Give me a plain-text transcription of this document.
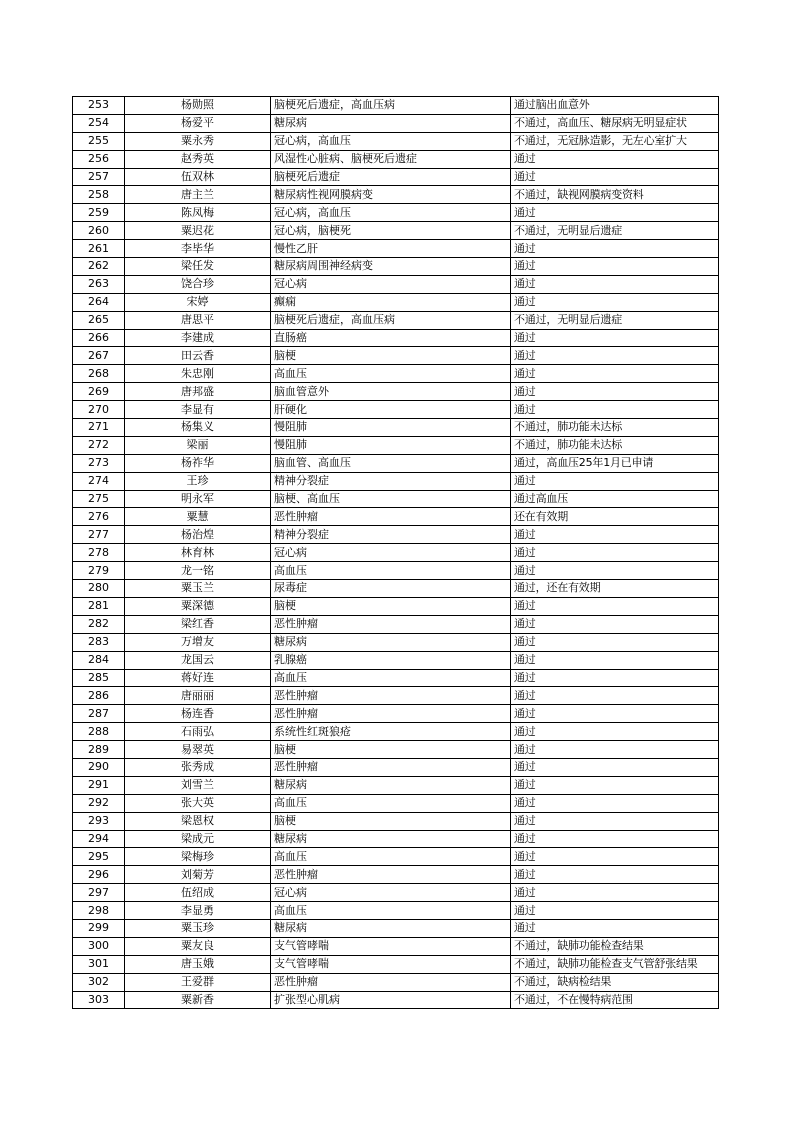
253	杨勋照	脑梗死后遗症，高血压病	通过脑出血意外
254	杨爱平	糖尿病	不通过，高血压、糖尿病无明显症状
255	粟永秀	冠心病，高血压	不通过，无冠脉造影，无左心室扩大
256	赵秀英	风湿性心脏病、脑梗死后遗症	通过
257	伍双林	脑梗死后遗症	通过
258	唐主兰	糖尿病性视网膜病变	不通过，缺视网膜病变资料
259	陈凤梅	冠心病，高血压	通过
260	粟迟花	冠心病，脑梗死	不通过，无明显后遗症
261	李毕华	慢性乙肝	通过
262	梁任发	糖尿病周围神经病变	通过
263	饶合珍	冠心病	通过
264	宋婷	癫痫	通过
265	唐思平	脑梗死后遗症，高血压病	不通过，无明显后遗症
266	李建成	直肠癌	通过
267	田云香	脑梗	通过
268	朱忠刚	高血压	通过
269	唐邦盛	脑血管意外	通过
270	李显有	肝硬化	通过
271	杨集义	慢阻肺	不通过，肺功能未达标
272	梁丽	慢阻肺	不通过，肺功能未达标
273	杨祚华	脑血管、高血压	通过，高血压25年1月已申请
274	王珍	精神分裂症	通过
275	明永军	脑梗、高血压	通过高血压
276	粟慧	恶性肿瘤	还在有效期
277	杨治煌	精神分裂症	通过
278	林育林	冠心病	通过
279	龙一铭	高血压	通过
280	粟玉兰	尿毒症	通过，还在有效期
281	粟深德	脑梗	通过
282	梁红香	恶性肿瘤	通过
283	万增友	糖尿病	通过
284	龙国云	乳腺癌	通过
285	蒋好连	高血压	通过
286	唐丽丽	恶性肿瘤	通过
287	杨连香	恶性肿瘤	通过
288	石雨弘	系统性红斑狼疮	通过
289	易翠英	脑梗	通过
290	张秀成	恶性肿瘤	通过
291	刘雪兰	糖尿病	通过
292	张大英	高血压	通过
293	梁恩权	脑梗	通过
294	梁成元	糖尿病	通过
295	梁梅珍	高血压	通过
296	刘菊芳	恶性肿瘤	通过
297	伍绍成	冠心病	通过
298	李显勇	高血压	通过
299	粟玉珍	糖尿病	通过
300	粟友良	支气管哮喘	不通过，缺肺功能检查结果
301	唐玉娥	支气管哮喘	不通过，缺肺功能检查支气管舒张结果
302	王爱群	恶性肿瘤	不通过，缺病检结果
303	粟新香	扩张型心肌病	不通过，不在慢特病范围
